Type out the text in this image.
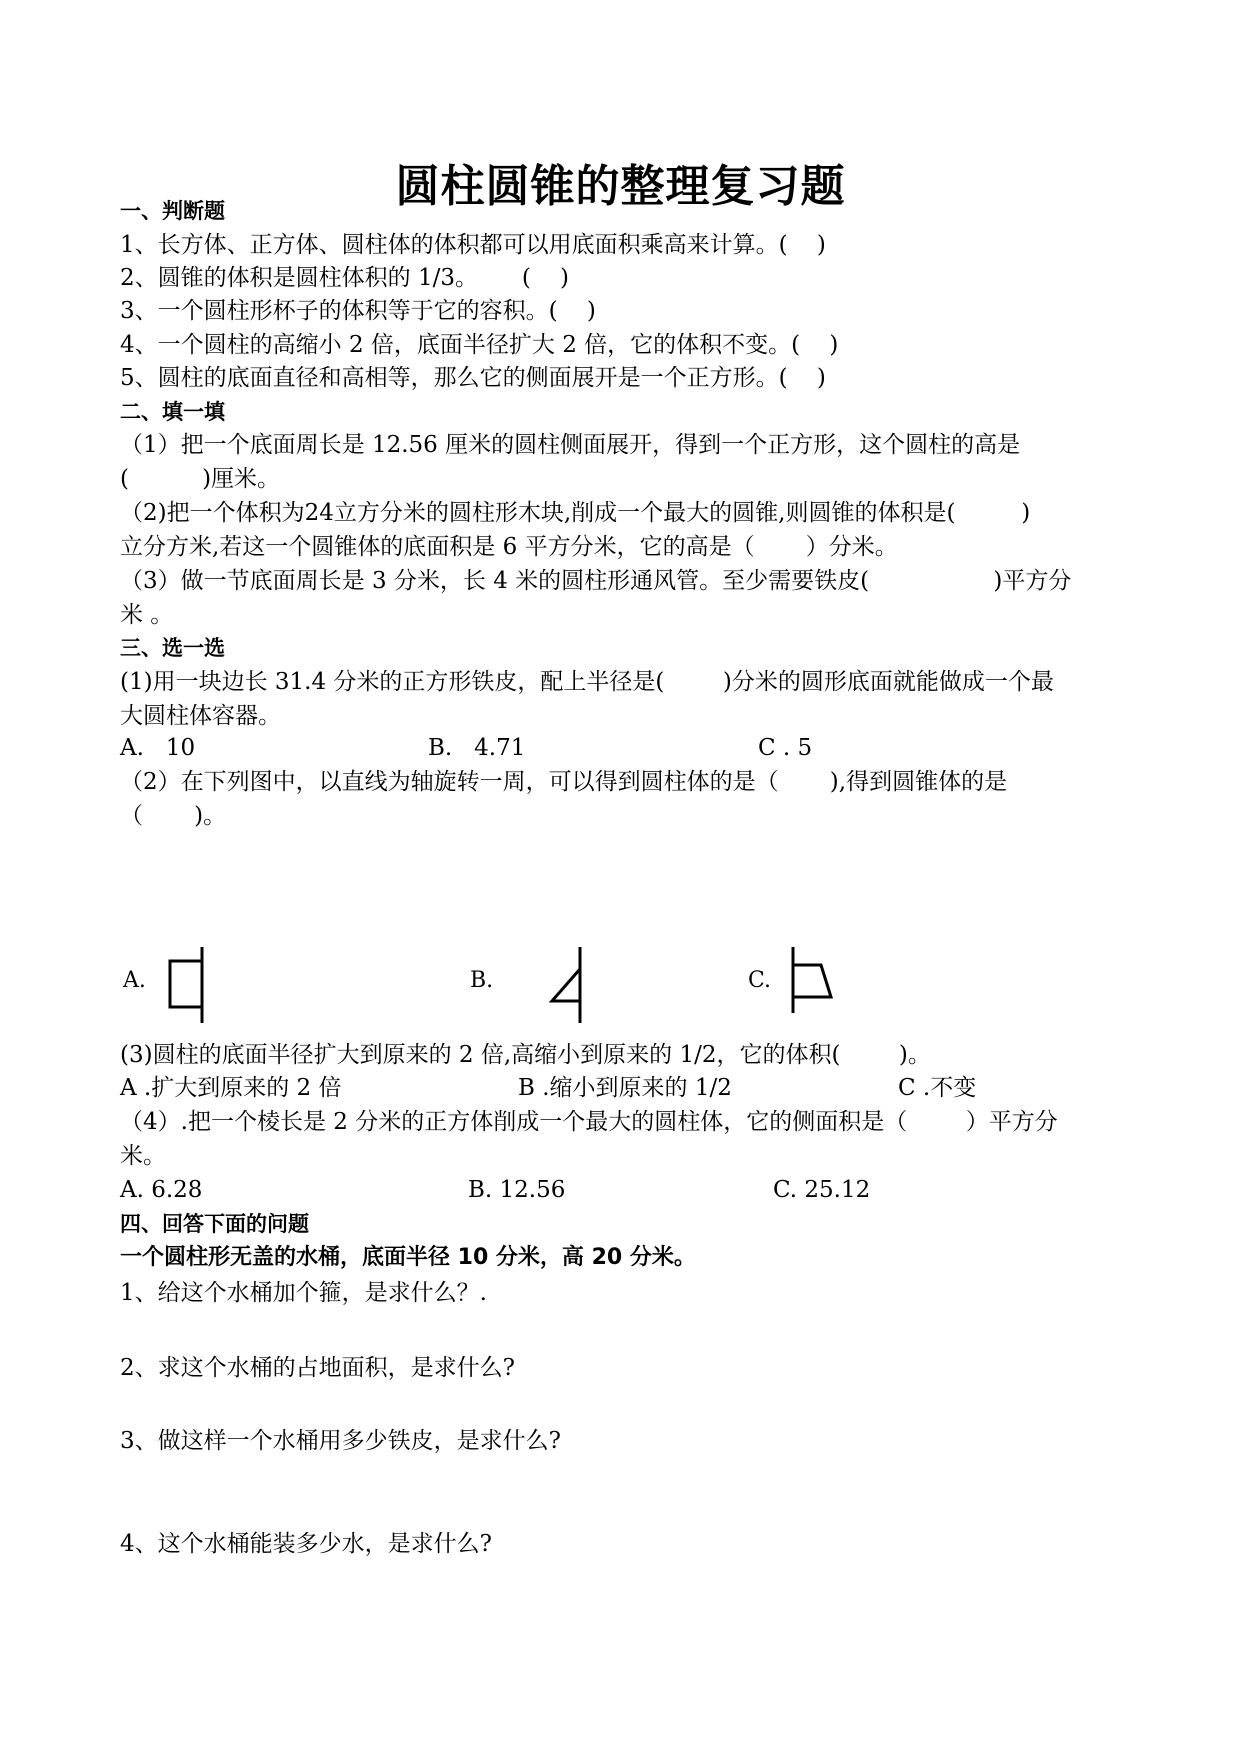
圆柱圆锥的整理复习题
一、判断题
1、长方体、正方体、圆柱体的体积都可以用底面积乘高来计算。(    )
2、圆锥的体积是圆柱体积的 1/3。      (    )
3、一个圆柱形杯子的体积等于它的容积。(    )
4、一个圆柱的高缩小 2 倍，底面半径扩大 2 倍，它的体积不变。(    )
5、圆柱的底面直径和高相等，那么它的侧面展开是一个正方形。(    )
二、填一填
（1）把一个底面周长是 12.56 厘米的圆柱侧面展开，得到一个正方形，这个圆柱的高是
(          )厘米。
（2)把一个体积为24立方分米的圆柱形木块,削成一个最大的圆锥,则圆锥的体积是(         )
立分方米,若这一个圆锥体的底面积是 6 平方分米，它的高是（       ）分米。
（3）做一节底面周长是 3 分米，长 4 米的圆柱形通风管。至少需要铁皮(                 )平方分
米 。
三、选一选
(1)用一块边长 31.4 分米的正方形铁皮，配上半径是(        )分米的圆形底面就能做成一个最
大圆柱体容器。
A.   10	B.   4.71	C . 5
（2）在下列图中，以直线为轴旋转一周，可以得到圆柱体的是（       ),得到圆锥体的是
（       )。
A.	B.	C.
(3)圆柱的底面半径扩大到原来的 2 倍,高缩小到原来的 1/2，它的体积(        )。
A .扩大到原来的 2 倍	B .缩小到原来的 1/2	C .不变
（4）.把一个棱长是 2 分米的正方体削成一个最大的圆柱体，它的侧面积是（        ）平方分
米。
A. 6.28	B. 12.56	C. 25.12
四、回答下面的问题
一个圆柱形无盖的水桶，底面半径 10 分米，高 20 分米。
1、给这个水桶加个箍，是求什么？.
2、求这个水桶的占地面积，是求什么?
3、做这样一个水桶用多少铁皮，是求什么?
4、这个水桶能装多少水，是求什么?
